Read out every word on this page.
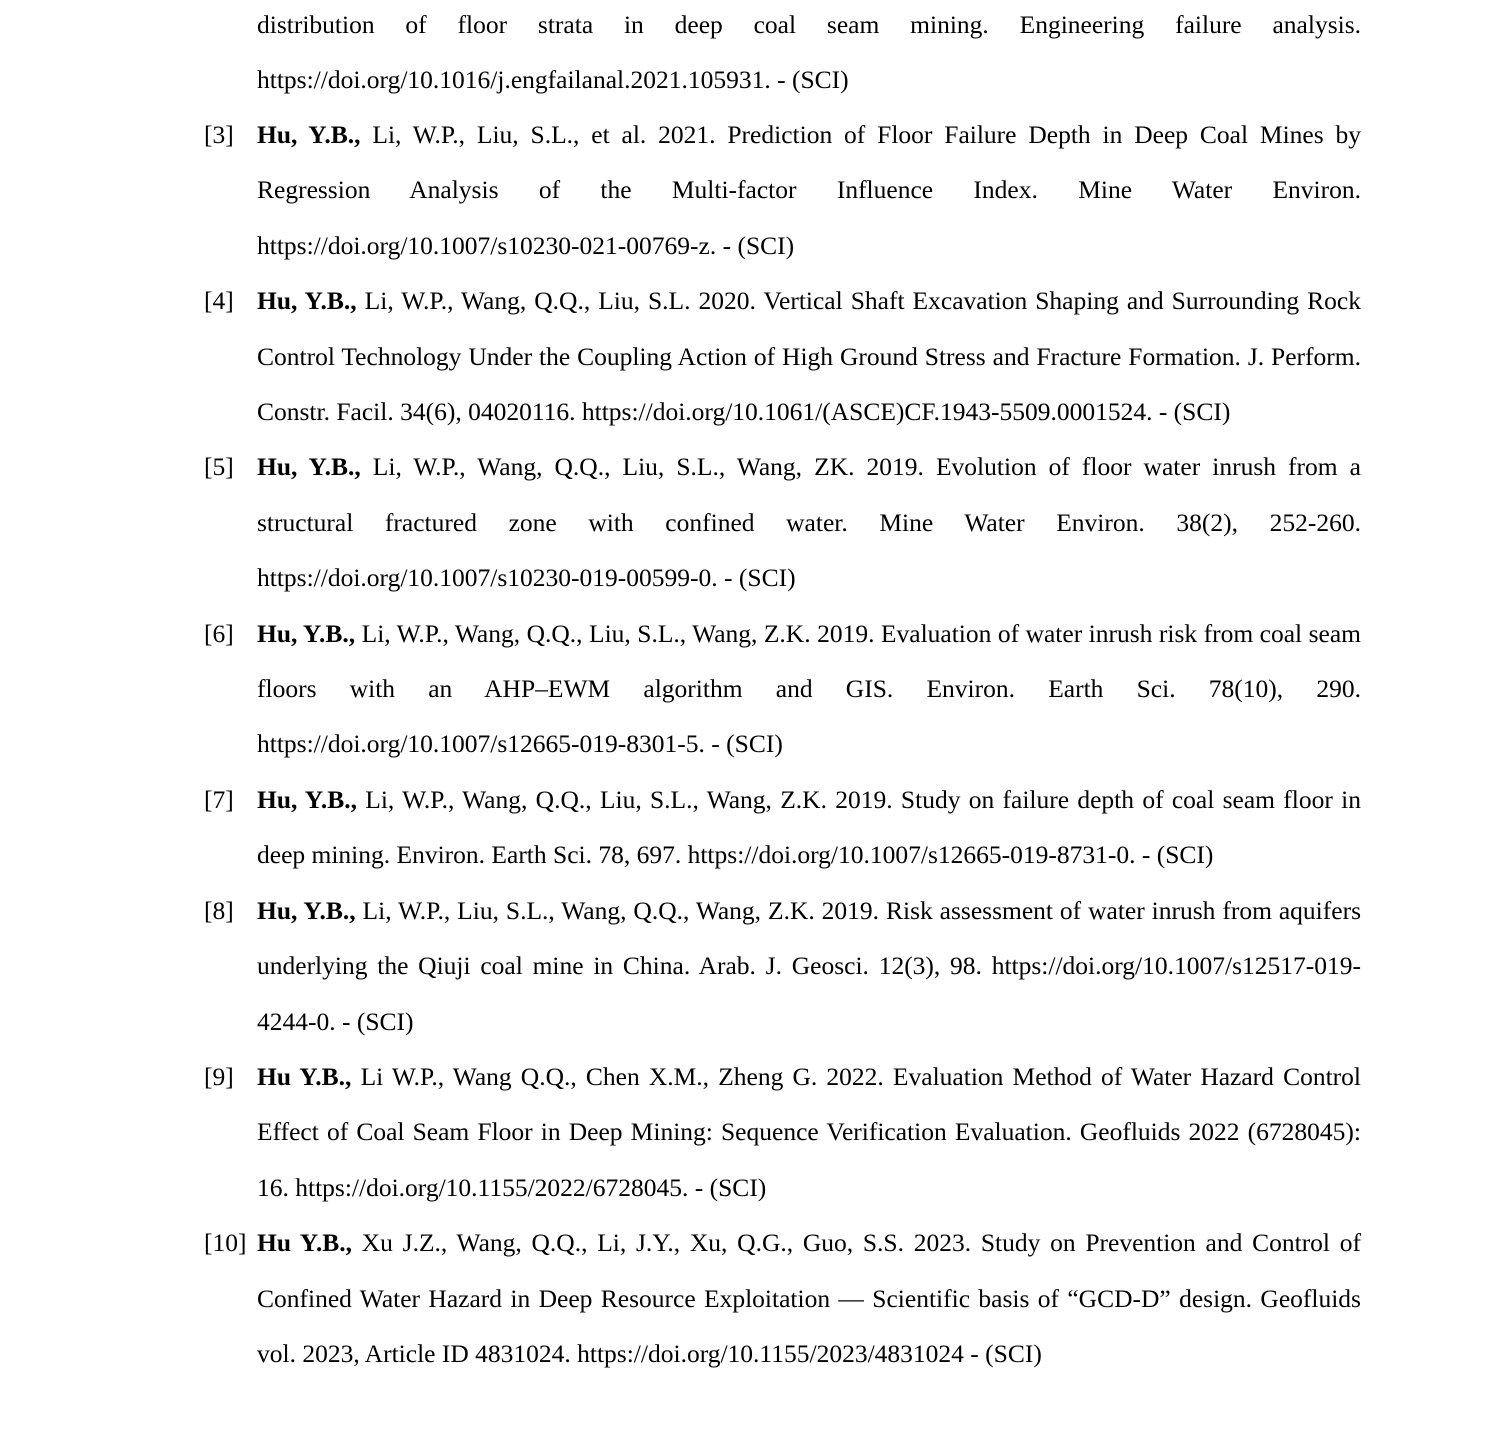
distribution of floor strata in deep coal seam mining. Engineering failure analysis. https://doi.org/10.1016/j.engfailanal.2021.105931. - (SCI)
[3] Hu, Y.B., Li, W.P., Liu, S.L., et al. 2021. Prediction of Floor Failure Depth in Deep Coal Mines by Regression Analysis of the Multi-factor Influence Index. Mine Water Environ. https://doi.org/10.1007/s10230-021-00769-z. - (SCI)
[4] Hu, Y.B., Li, W.P., Wang, Q.Q., Liu, S.L. 2020. Vertical Shaft Excavation Shaping and Surrounding Rock Control Technology Under the Coupling Action of High Ground Stress and Fracture Formation. J. Perform. Constr. Facil. 34(6), 04020116. https://doi.org/10.1061/(ASCE)CF.1943-5509.0001524. - (SCI)
[5] Hu, Y.B., Li, W.P., Wang, Q.Q., Liu, S.L., Wang, ZK. 2019. Evolution of floor water inrush from a structural fractured zone with confined water. Mine Water Environ. 38(2), 252-260. https://doi.org/10.1007/s10230-019-00599-0. - (SCI)
[6] Hu, Y.B., Li, W.P., Wang, Q.Q., Liu, S.L., Wang, Z.K. 2019. Evaluation of water inrush risk from coal seam floors with an AHP–EWM algorithm and GIS. Environ. Earth Sci. 78(10), 290. https://doi.org/10.1007/s12665-019-8301-5. - (SCI)
[7] Hu, Y.B., Li, W.P., Wang, Q.Q., Liu, S.L., Wang, Z.K. 2019. Study on failure depth of coal seam floor in deep mining. Environ. Earth Sci. 78, 697. https://doi.org/10.1007/s12665-019-8731-0. - (SCI)
[8] Hu, Y.B., Li, W.P., Liu, S.L., Wang, Q.Q., Wang, Z.K. 2019. Risk assessment of water inrush from aquifers underlying the Qiuji coal mine in China. Arab. J. Geosci. 12(3), 98. https://doi.org/10.1007/s12517-019-4244-0. - (SCI)
[9] Hu Y.B., Li W.P., Wang Q.Q., Chen X.M., Zheng G. 2022. Evaluation Method of Water Hazard Control Effect of Coal Seam Floor in Deep Mining: Sequence Verification Evaluation. Geofluids 2022 (6728045): 16. https://doi.org/10.1155/2022/6728045. - (SCI)
[10] Hu Y.B., Xu J.Z., Wang, Q.Q., Li, J.Y., Xu, Q.G., Guo, S.S. 2023. Study on Prevention and Control of Confined Water Hazard in Deep Resource Exploitation — Scientific basis of “GCD-D” design. Geofluids vol. 2023, Article ID 4831024. https://doi.org/10.1155/2023/4831024 - (SCI)
